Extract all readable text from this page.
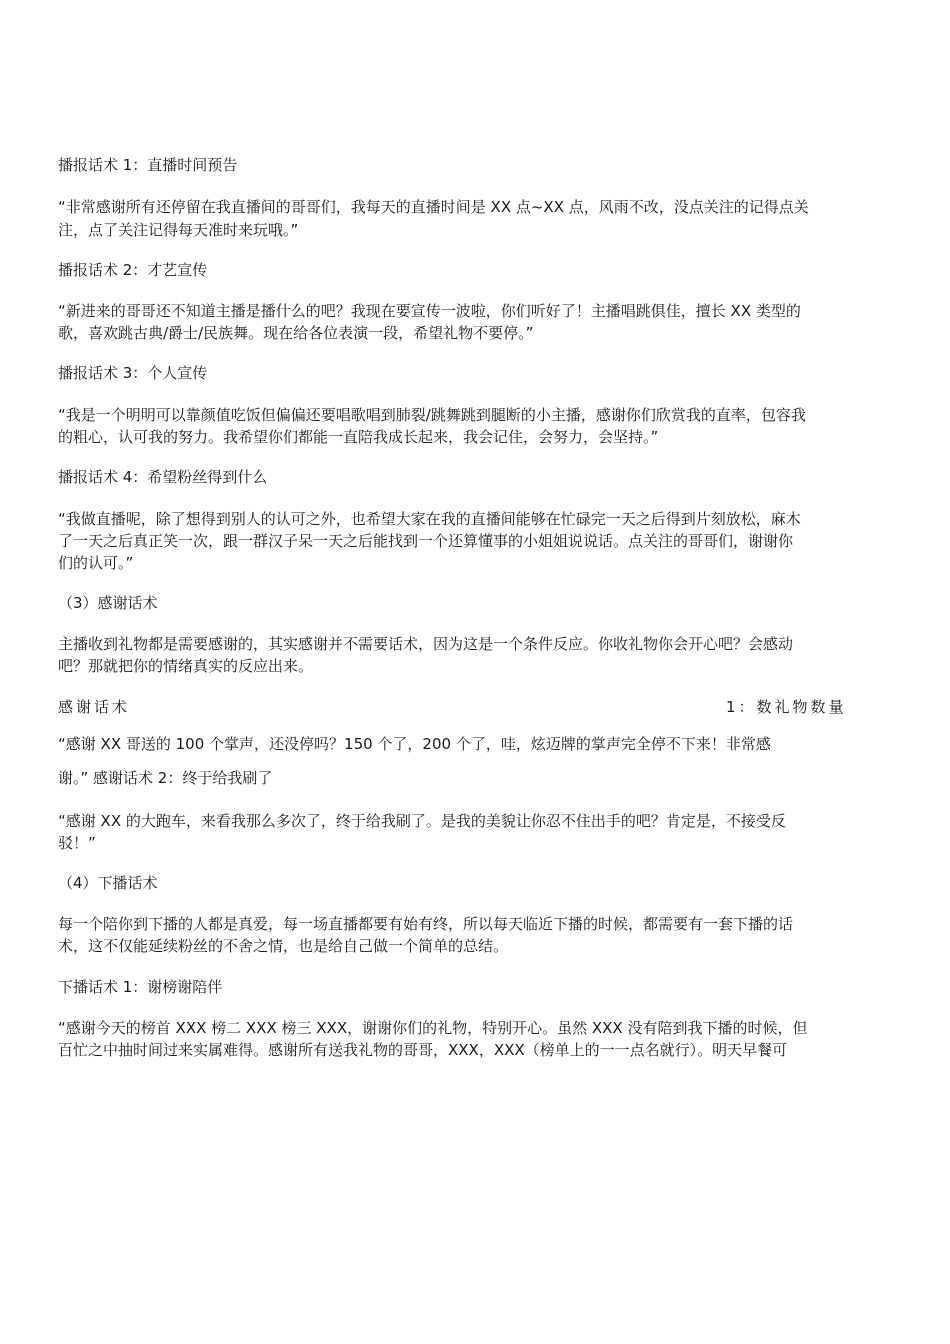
播报话术 1：直播时间预告
“非常感谢所有还停留在我直播间的哥哥们，我每天的直播时间是 XX 点~XX 点，风雨不改，没点关注的记得点关
注，点了关注记得每天准时来玩哦。”
播报话术 2：才艺宣传
“新进来的哥哥还不知道主播是播什么的吧？我现在要宣传一波啦，你们听好了！主播唱跳俱佳，擅长 XX 类型的
歌，喜欢跳古典/爵士/民族舞。现在给各位表演一段，希望礼物不要停。”
播报话术 3：个人宣传
“我是一个明明可以靠颜值吃饭但偏偏还要唱歌唱到肺裂/跳舞跳到腿断的小主播，感谢你们欣赏我的直率，包容我
的粗心，认可我的努力。我希望你们都能一直陪我成长起来，我会记住，会努力，会坚持。”
播报话术 4：希望粉丝得到什么
“我做直播呢，除了想得到别人的认可之外，也希望大家在我的直播间能够在忙碌完一天之后得到片刻放松，麻木
了一天之后真正笑一次，跟一群汉子呆一天之后能找到一个还算懂事的小姐姐说说话。点关注的哥哥们，谢谢你
们的认可。”
（3）感谢话术
主播收到礼物都是需要感谢的，其实感谢并不需要话术，因为这是一个条件反应。你收礼物你会开心吧？会感动
吧？那就把你的情绪真实的反应出来。
感谢话术	1：数礼物数量
“感谢 XX 哥送的 100 个掌声，还没停吗？150 个了，200 个了，哇，炫迈牌的掌声完全停不下来！非常感
谢。” 感谢话术 2：终于给我刷了
“感谢 XX 的大跑车，来看我那么多次了，终于给我刷了。是我的美貌让你忍不住出手的吧？肯定是，不接受反
驳！”
（4）下播话术
每一个陪你到下播的人都是真爱，每一场直播都要有始有终，所以每天临近下播的时候，都需要有一套下播的话
术，这不仅能延续粉丝的不舍之情，也是给自己做一个简单的总结。
下播话术 1：谢榜谢陪伴
“感谢今天的榜首 XXX 榜二 XXX 榜三 XXX，谢谢你们的礼物，特别开心。虽然 XXX 没有陪到我下播的时候，但
百忙之中抽时间过来实属难得。感谢所有送我礼物的哥哥，XXX，XXX（榜单上的一一点名就行）。明天早餐可
